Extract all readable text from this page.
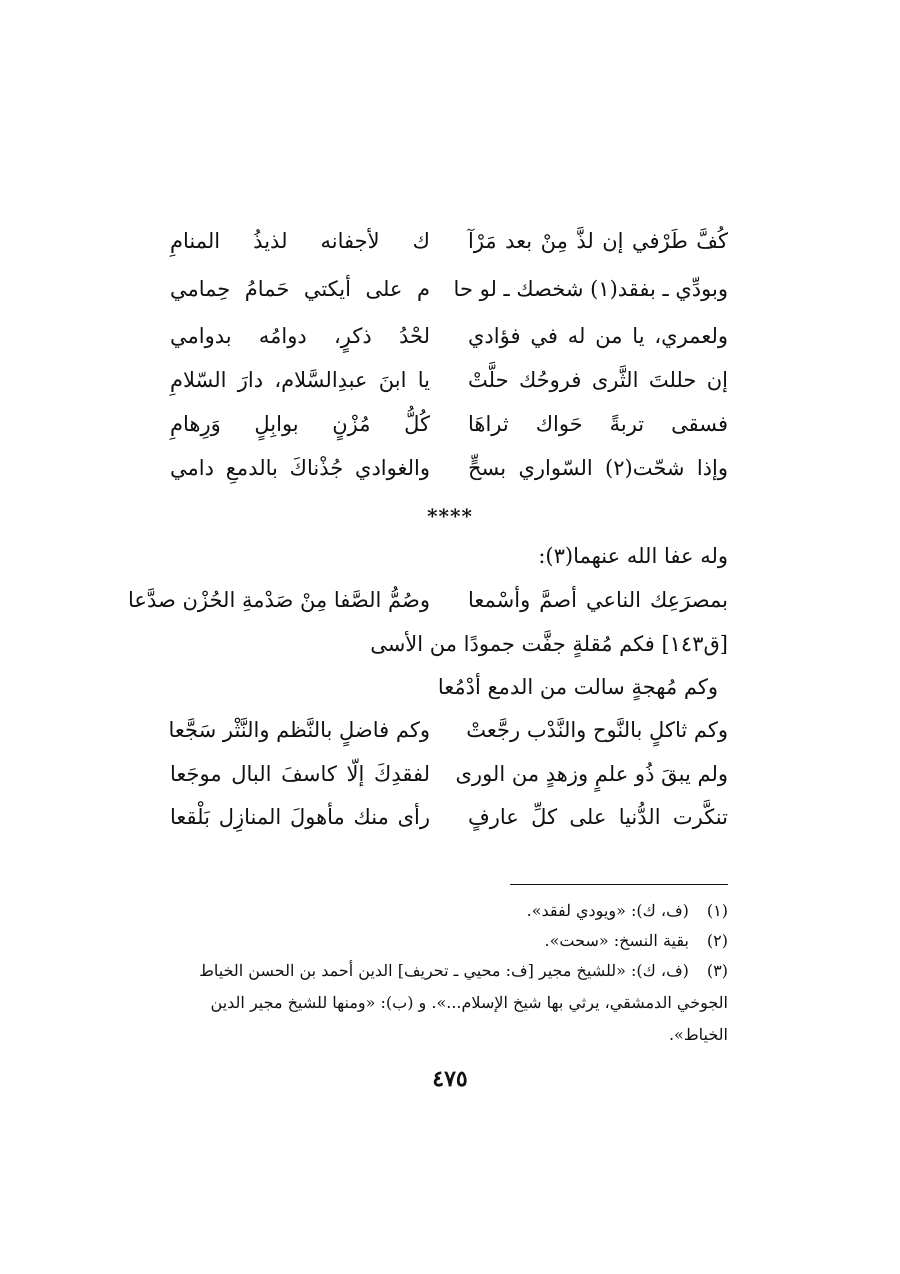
كُفَّ طَرْفي إن لذَّ مِنْ بعد مَرْآ
ك لأجفانه لذيذُ المنامِ
وبودِّي ـ بفقد(١) شخصك ـ لو حا
م على أيكتي حَمامُ حِمامي
ولعمري، يا من له في فؤادي
لحْدُ ذكرٍ، دوامُه بدوامي
إن حللتَ الثَّرى فروحُك حلَّتْ
يا ابنَ عبدِالسَّلام، دارَ السّلامِ
فسقى تربةً حَواك ثراهَا
كُلُّ مُزْنٍ بوابِلٍ وَرِهامِ
وإذا شحّت(٢) السّواري بسحٍّ
والغوادي جُذْناكَ بالدمعِ دامي
****
وله عفا الله عنهما(٣):
بمصرَعِك الناعي أصمَّ وأسْمعا
وصُمُّ الصَّفا مِنْ صَدْمةِ الحُزْن صدَّعا
[ق١٤٣] فكم مُقلةٍ جفَّت جمودًا من الأسى
وكم مُهجةٍ سالت من الدمع أدْمُعا
وكم ثاكلٍ بالنَّوح والنَّدْب رجَّعتْ
وكم فاضلٍ بالنَّظم والنَّثْر سَجَّعا
ولم يبقَ ذُو علمٍ وزهدٍ من الورى
لفقدِكَ إلّا كاسفَ البال موجَعا
تنكَّرت الدُّنيا على كلِّ عارفٍ
رأى منك مأهولَ المنازِل بَلْقعا
(١) (ف، ك): «ويودي لفقد».
(٢) بقية النسخ: «سحت».
(٣) (ف، ك): «للشيخ مجير [ف: محيي ـ تحريف] الدين أحمد بن الحسن الخياط
الجوخي الدمشقي، يرثي بها شيخ الإسلام...». و (ب): «ومنها للشيخ مجير الدين
الخياط».
٤٧٥
